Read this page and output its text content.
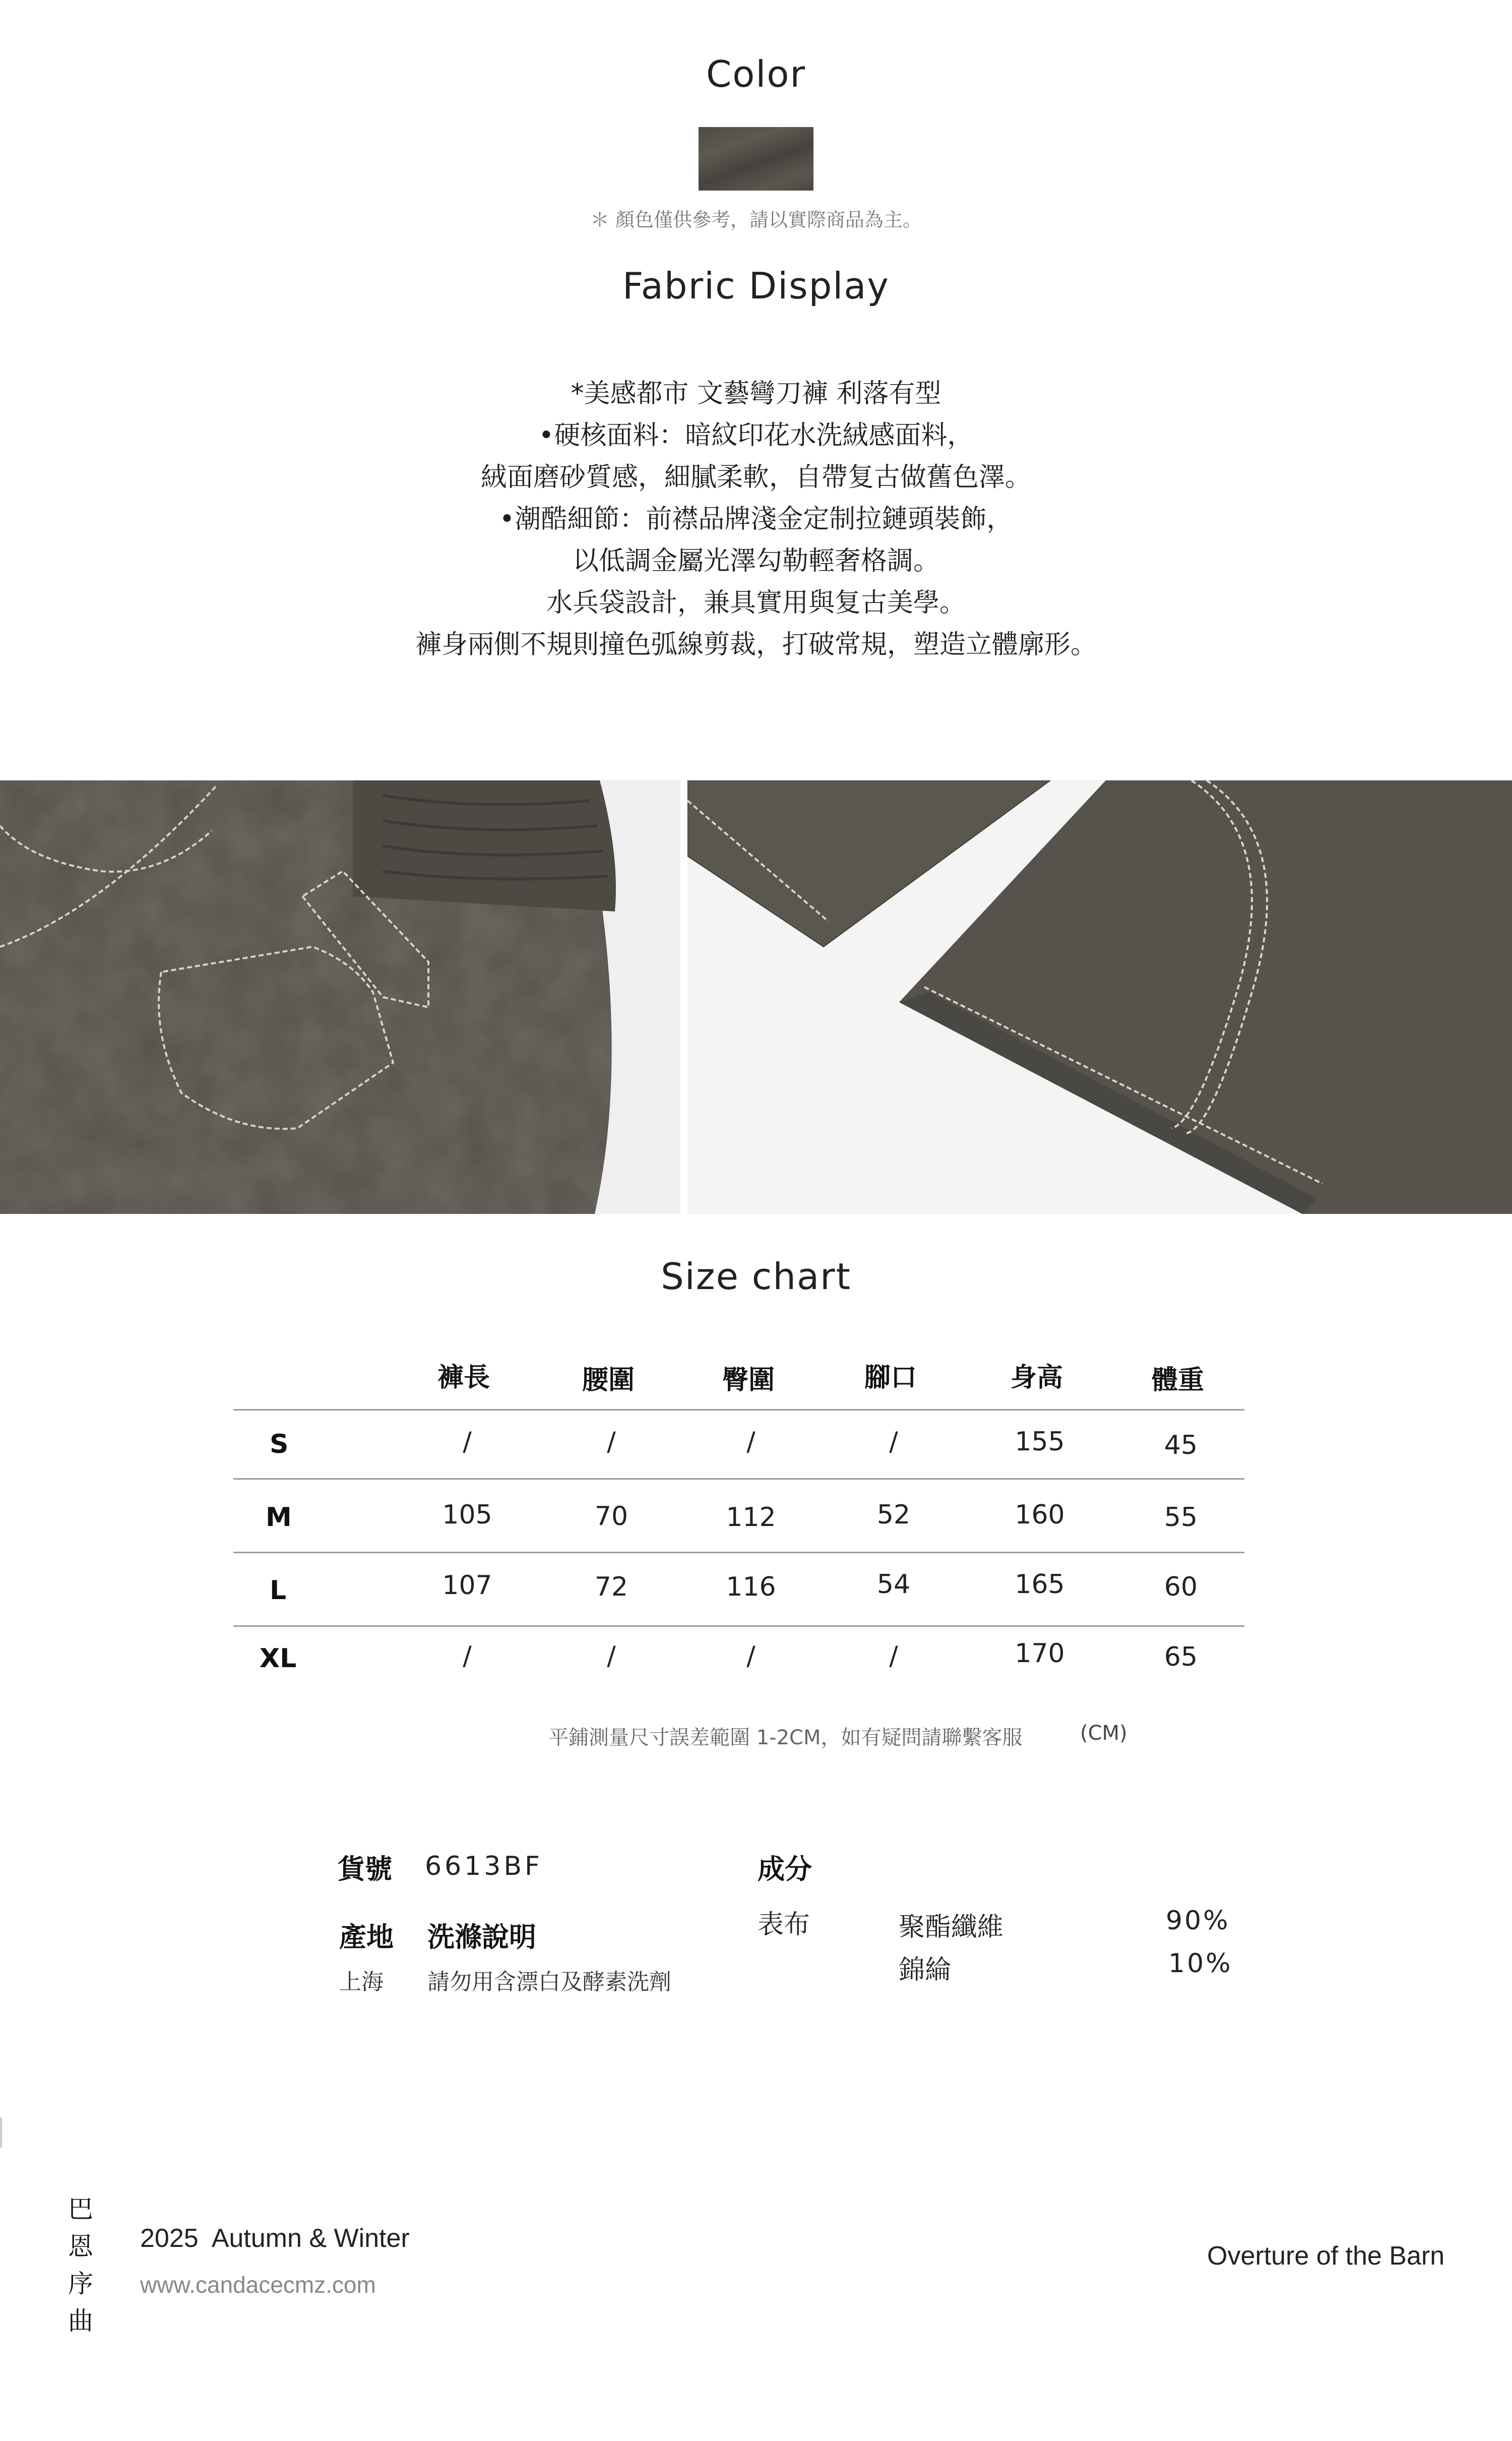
Color
＊ 顏色僅供參考，請以實際商品為主。
Fabric Display
*美感都市 文藝彎刀褲 利落有型
•硬核面料：暗紋印花水洗絨感面料，
絨面磨砂質感，細膩柔軟，自帶复古做舊色澤。
•潮酷細節：前襟品牌淺金定制拉鏈頭裝飾，
以低調金屬光澤勾勒輕奢格調。
水兵袋設計，兼具實用與复古美學。
褲身兩側不規則撞色弧線剪裁，打破常規，塑造立體廓形。
Size chart
褲長	腰圍	臀圍	腳口	身高	體重
S	/	/	/	/	155	45
M	105	70	112	52	160	55
L	107	72	116	54	165	60
XL	/	/	/	/	170	65
平鋪測量尺寸誤差範圍 1-2CM，如有疑問請聯繫客服	(CM)
貨號 6613BF
產地
上海
洗滌說明
請勿用含漂白及酵素洗劑
成分
表布	聚酯纖維	90%
錦綸	10%
巴
恩
序
曲
2025  Autumn & Winter
www.candacecmz.com
Overture of the Barn
